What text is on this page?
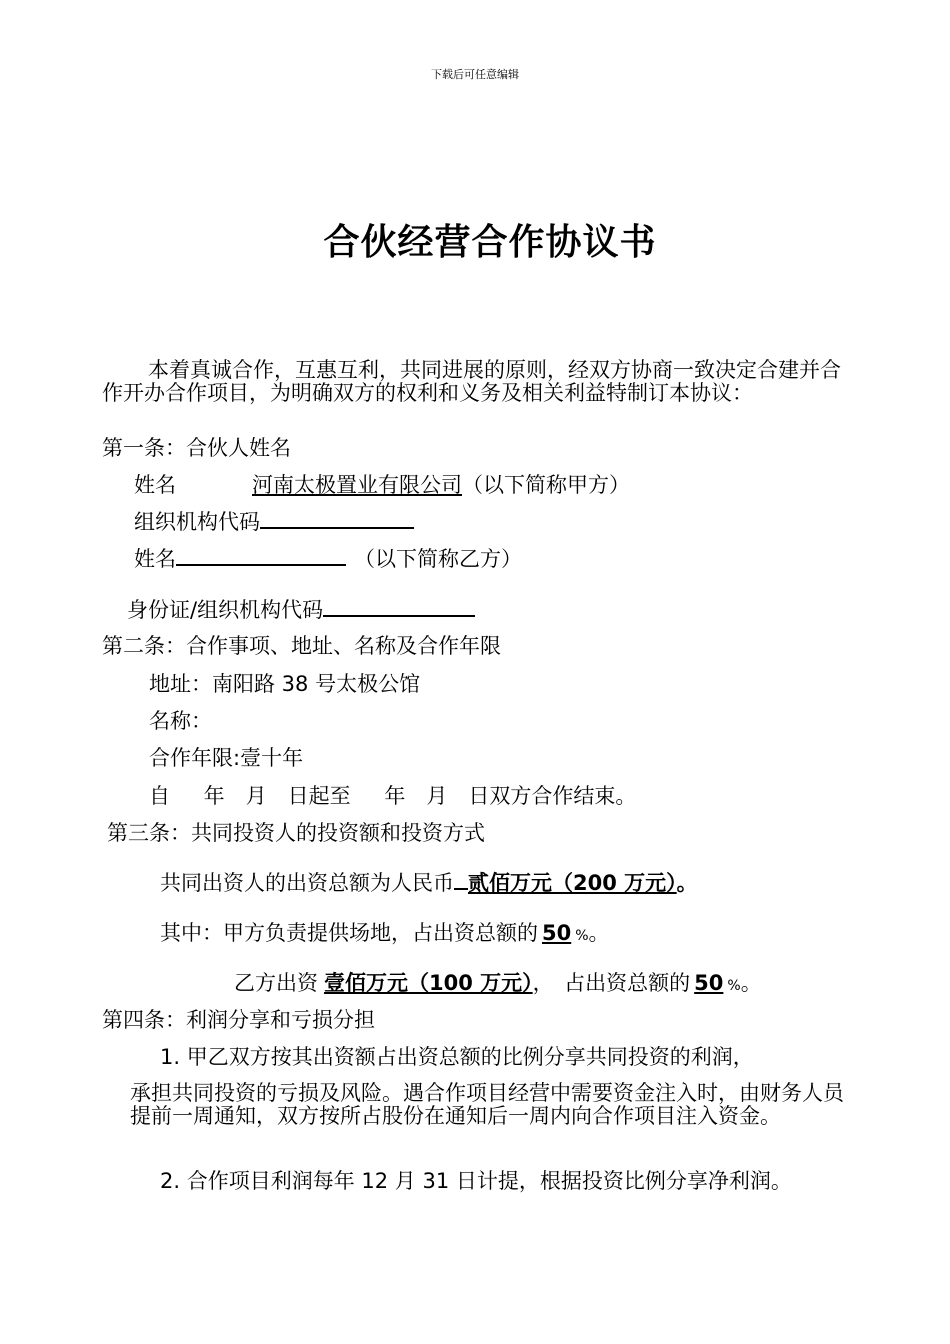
下载后可任意编辑
合伙经营合作协议书
本着真诚合作，互惠互利，共同进展的原则，经双方协商一致决定合建并合作开办合作项目，为明确双方的权利和义务及相关利益特制订本协议：
第一条：合伙人姓名
姓名	河南太极置业有限公司（以下简称甲方）
组织机构代码
姓名	（以下简称乙方）
身份证/组织机构代码
第二条：合作事项、地址、名称及合作年限
地址：南阳路 38 号太极公馆
名称：
合作年限:壹十年
自　 年　月　日起至　 年　月　日双方合作结束。
第三条：共同投资人的投资额和投资方式
共同出资人的出资总额为人民币 贰佰万元（200 万元）。
其中：甲方负责提供场地，占出资总额的 50 %。
乙方出资 壹佰万元（100 万元），　占出资总额的 50 %。
第四条：利润分享和亏损分担
1. 甲乙双方按其出资额占出资总额的比例分享共同投资的利润，
承担共同投资的亏损及风险。遇合作项目经营中需要资金注入时，由财务人员提前一周通知，双方按所占股份在通知后一周内向合作项目注入资金。
2. 合作项目利润每年 12 月 31 日计提，根据投资比例分享净利润。
